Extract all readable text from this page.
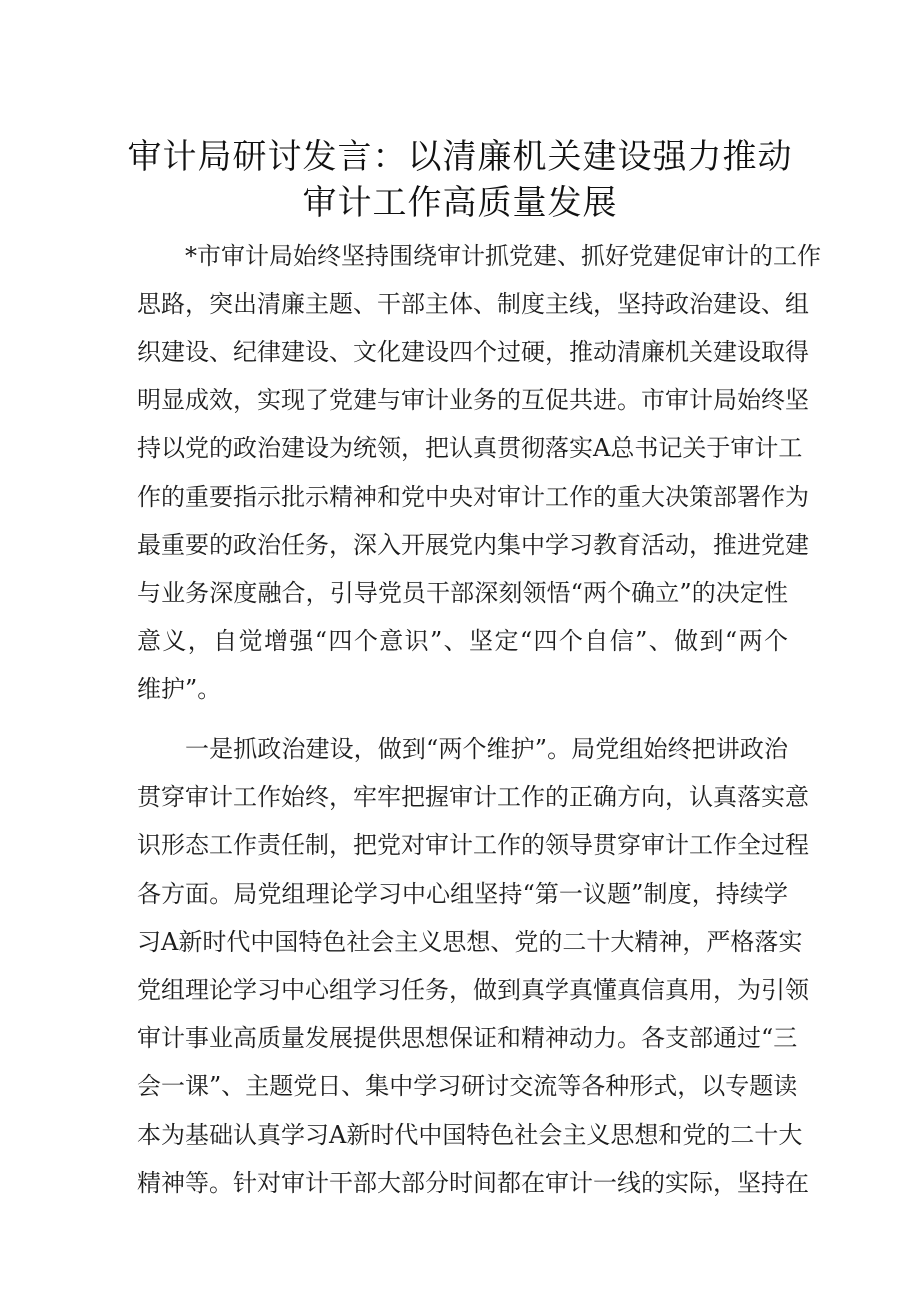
审计局研讨发言：以清廉机关建设强力推动
审计工作高质量发展
*市审计局始终坚持围绕审计抓党建、抓好党建促审计的工作
思路，突出清廉主题、干部主体、制度主线，坚持政治建设、组
织建设、纪律建设、文化建设四个过硬，推动清廉机关建设取得
明显成效，实现了党建与审计业务的互促共进。市审计局始终坚
持以党的政治建设为统领，把认真贯彻落实A总书记关于审计工
作的重要指示批示精神和党中央对审计工作的重大决策部署作为
最重要的政治任务，深入开展党内集中学习教育活动，推进党建
与业务深度融合，引导党员干部深刻领悟“两个确立”的决定性
意义，自觉增强“四个意识”、坚定“四个自信”、做到“两个
维护”。
一是抓政治建设，做到“两个维护”。局党组始终把讲政治
贯穿审计工作始终，牢牢把握审计工作的正确方向，认真落实意
识形态工作责任制，把党对审计工作的领导贯穿审计工作全过程
各方面。局党组理论学习中心组坚持“第一议题”制度，持续学
习A新时代中国特色社会主义思想、党的二十大精神，严格落实
党组理论学习中心组学习任务，做到真学真懂真信真用，为引领
审计事业高质量发展提供思想保证和精神动力。各支部通过“三
会一课”、主题党日、集中学习研讨交流等各种形式，以专题读
本为基础认真学习A新时代中国特色社会主义思想和党的二十大
精神等。针对审计干部大部分时间都在审计一线的实际，坚持在
